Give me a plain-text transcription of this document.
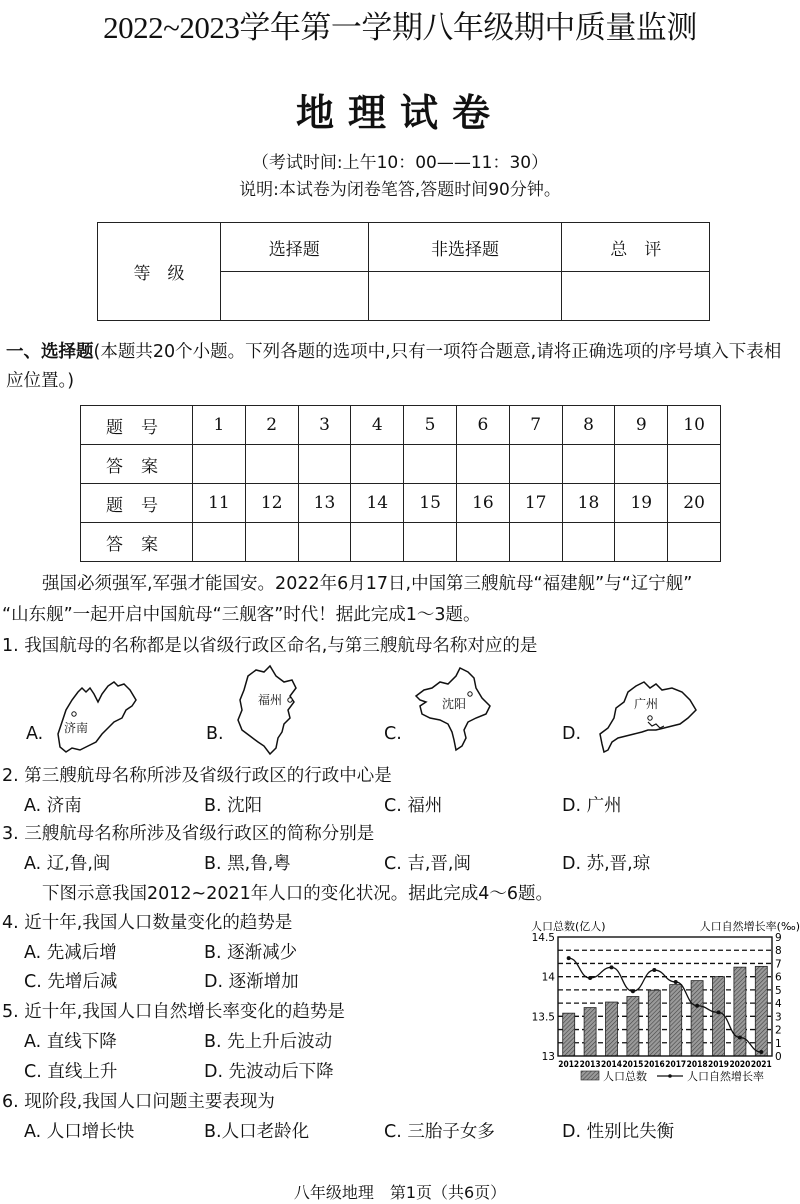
2022~2023学年第一学期八年级期中质量监测
地理试卷
（考试时间:上午10：00——11：30）
说明:本试卷为闭卷笔答,答题时间90分钟。
等　级	选择题	非选择题	总　评

一、选择题(本题共20个小题。下列各题的选项中,只有一项符合题意,请将正确选项的序号填入下表相应位置。)
题号	1	2	3	4	5	6	7	8	9	10
答案										
题号	11	12	13	14	15	16	17	18	19	20
答案										
强国必须强军,军强才能国安。2022年6月17日,中国第三艘航母“福建舰”与“辽宁舰”
“山东舰”一起开启中国航母“三舰客”时代！据此完成1～3题。
1. 我国航母的名称都是以省级行政区命名,与第三艘航母名称对应的是
A. 济南	B.
福州
C.
沈阳
D.
广州
2. 第三艘航母名称所涉及省级行政区的行政中心是
A. 济南	B. 沈阳	C. 福州	D. 广州
3. 三艘航母名称所涉及省级行政区的简称分别是
A. 辽,鲁,闽	B. 黑,鲁,粤	C. 吉,晋,闽	D. 苏,晋,琼
下图示意我国2012~2021年人口的变化状况。据此完成4～6题。
4. 近十年,我国人口数量变化的趋势是
A. 先减后增	B. 逐渐减少
C. 先增后减	D. 逐渐增加
5. 近十年,我国人口自然增长率变化的趋势是
A. 直线下降	B. 先上升后波动
C. 直线上升	D. 先波动后下降
6. 现阶段,我国人口问题主要表现为
A. 人口增长快	B.人口老龄化	C. 三胎子女多	D. 性别比失衡
人口总数(亿人)	人口自然增长率(‰)
13
13.5
14
14.5
0
1
2
3
4
5
6
7
8
9
2012 2013 2014 2015 2016 2017 2018 2019 2020 2021
人口总数	人口自然增长率
八年级地理　第1页（共6页）
